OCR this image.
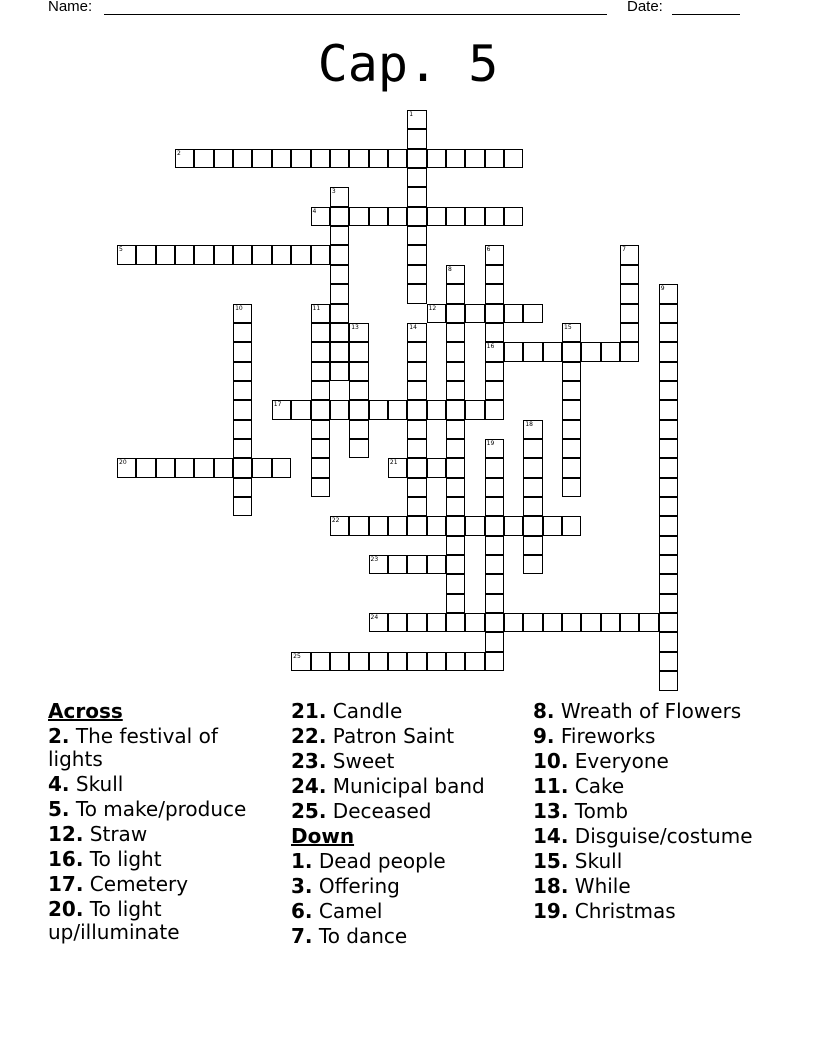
Name:	Date:
Cap. 5
1
2
3
4
5	6
16
7
8
9
10	11	12
13	14	15
17
18
19
20	21
22
23
24
25
Across
2. The festival of lights
4. Skull
5. To make/produce
12. Straw
16. To light
17. Cemetery
20. To light up/illuminate
21. Candle
22. Patron Saint
23. Sweet
24. Municipal band
25. Deceased
Down
1. Dead people
3. Offering
6. Camel
7. To dance
8. Wreath of Flowers
9. Fireworks
10. Everyone
11. Cake
13. Tomb
14. Disguise/costume
15. Skull
18. While
19. Christmas
